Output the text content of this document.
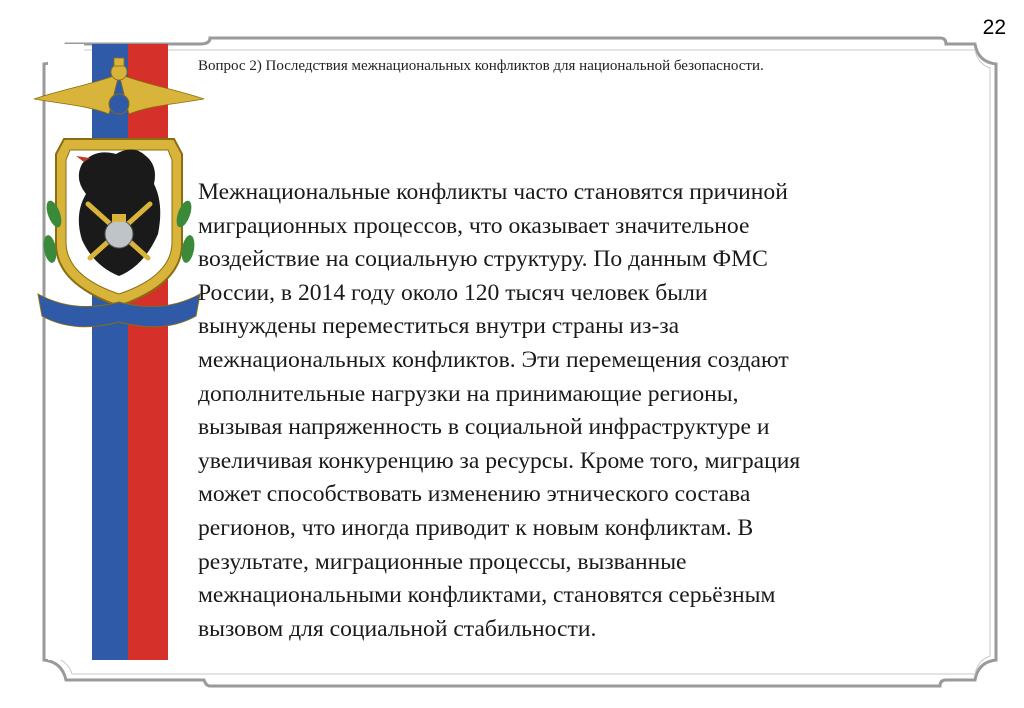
22
Вопрос 2) Последствия межнациональных конфликтов для национальной безопасности.

Межнациональные конфликты часто становятся причиной

миграционных процессов, что оказывает значительное

воздействие на социальную структуру. По данным ФМС

России, в 2014 году около 120 тысяч человек были

вынуждены переместиться внутри страны из-за

межнациональных конфликтов. Эти перемещения создают

дополнительные нагрузки на принимающие регионы,

вызывая напряженность в социальной инфраструктуре и

увеличивая конкуренцию за ресурсы. Кроме того, миграция

может способствовать изменению этнического состава

регионов, что иногда приводит к новым конфликтам. В

результате, миграционные процессы, вызванные

межнациональными конфликтами, становятся серьёзным

вызовом для социальной стабильности.
